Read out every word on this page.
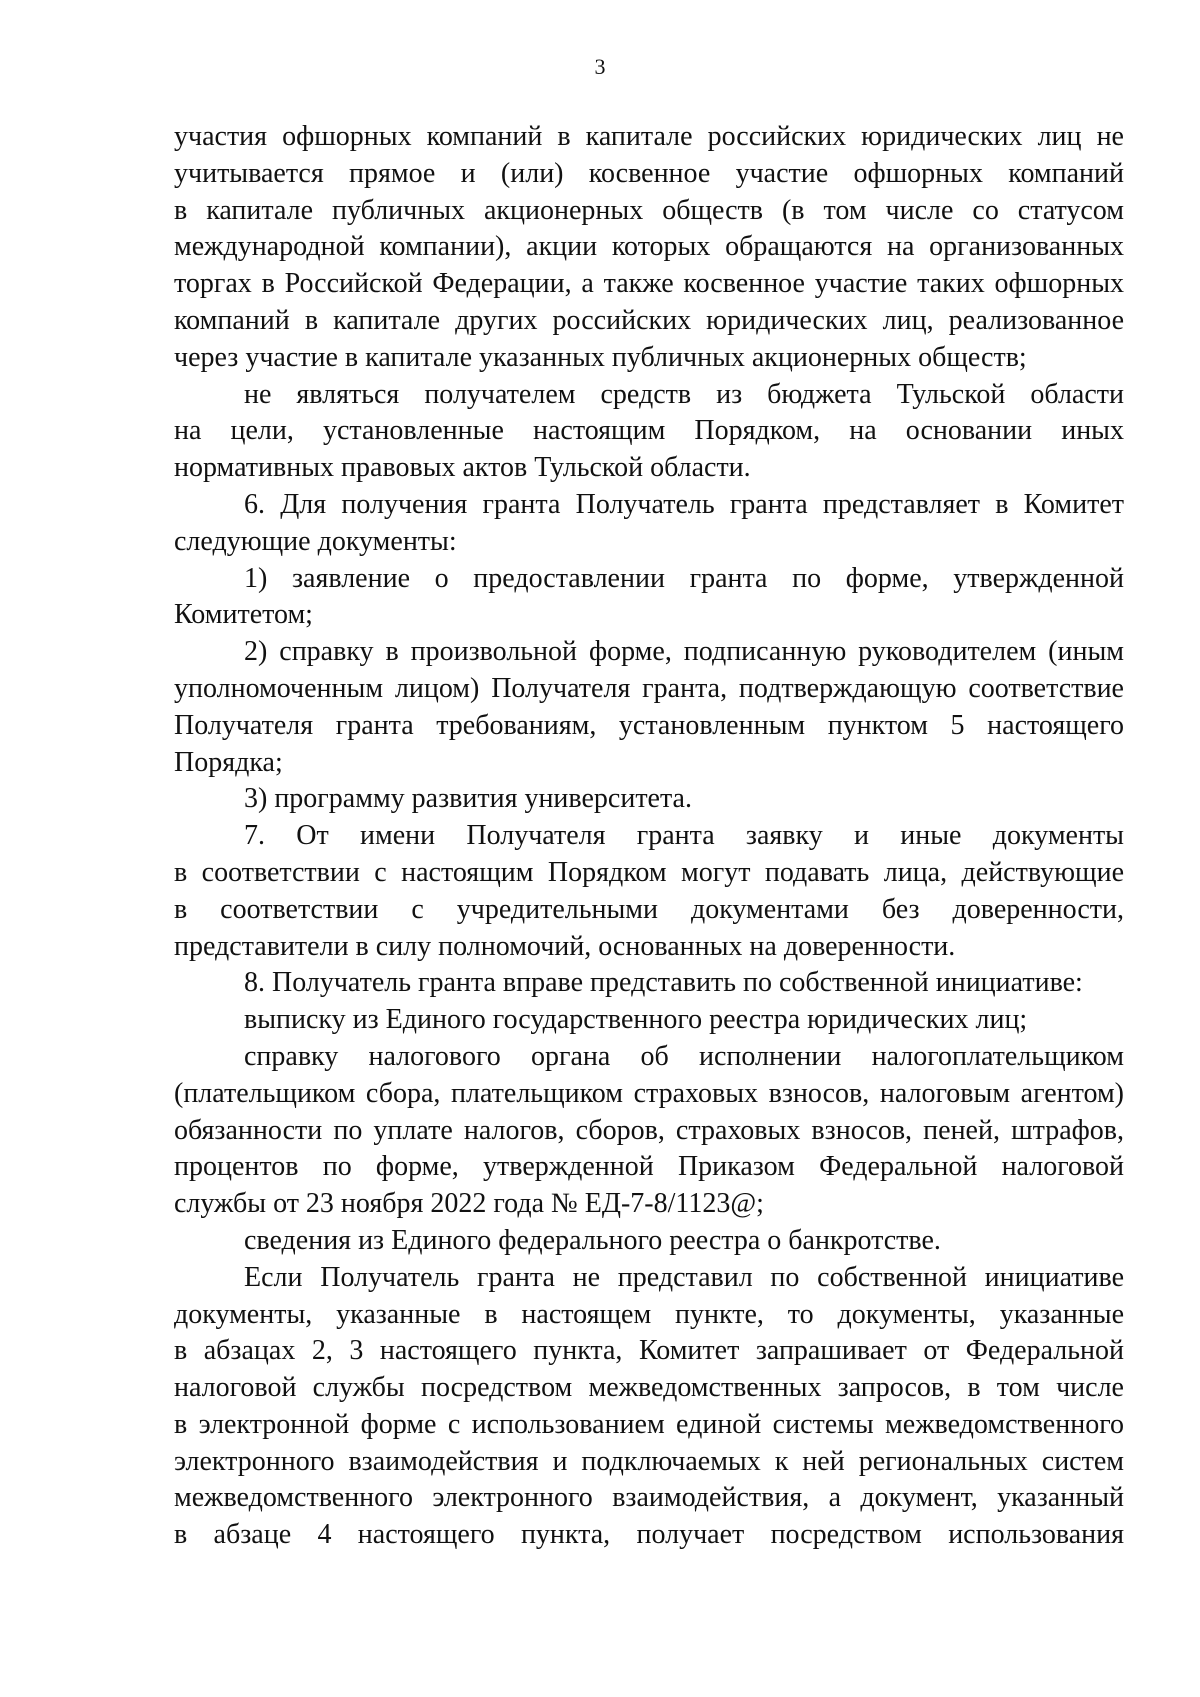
3
участия офшорных компаний в капитале российских юридических лиц не
учитывается прямое и (или) косвенное участие офшорных компаний
в капитале публичных акционерных обществ (в том числе со статусом
международной компании), акции которых обращаются на организованных
торгах в Российской Федерации, а также косвенное участие таких офшорных
компаний в капитале других российских юридических лиц, реализованное
через участие в капитале указанных публичных акционерных обществ;
не являться получателем средств из бюджета Тульской области
на цели, установленные настоящим Порядком, на основании иных
нормативных правовых актов Тульской области.
6. Для получения гранта Получатель гранта представляет в Комитет
следующие документы:
1) заявление о предоставлении гранта по форме, утвержденной
Комитетом;
2) справку в произвольной форме, подписанную руководителем (иным
уполномоченным лицом) Получателя гранта, подтверждающую соответствие
Получателя гранта требованиям, установленным пунктом 5 настоящего
Порядка;
3) программу развития университета.
7. От имени Получателя гранта заявку и иные документы
в соответствии с настоящим Порядком могут подавать лица, действующие
в соответствии с учредительными документами без доверенности,
представители в силу полномочий, основанных на доверенности.
8. Получатель гранта вправе представить по собственной инициативе:
выписку из Единого государственного реестра юридических лиц;
справку налогового органа об исполнении налогоплательщиком
(плательщиком сбора, плательщиком страховых взносов, налоговым агентом)
обязанности по уплате налогов, сборов, страховых взносов, пеней, штрафов,
процентов по форме, утвержденной Приказом Федеральной налоговой
службы от 23 ноября 2022 года № ЕД-7-8/1123@;
сведения из Единого федерального реестра о банкротстве.
Если Получатель гранта не представил по собственной инициативе
документы, указанные в настоящем пункте, то документы, указанные
в абзацах 2, 3 настоящего пункта, Комитет запрашивает от Федеральной
налоговой службы посредством межведомственных запросов, в том числе
в электронной форме с использованием единой системы межведомственного
электронного взаимодействия и подключаемых к ней региональных систем
межведомственного электронного взаимодействия, а документ, указанный
в абзаце 4 настоящего пункта, получает посредством использования
